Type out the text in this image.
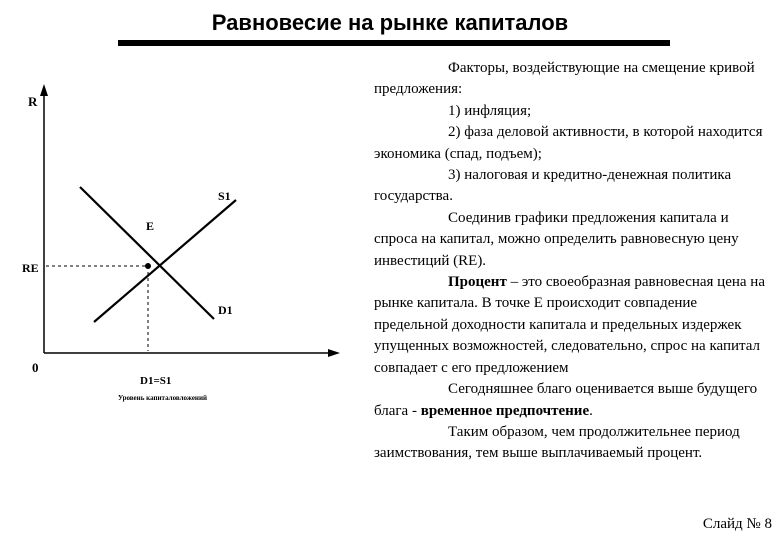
Равновесие на рынке капиталов
R
RE
E
S1
D1
0
D1=S1
Уровень капиталовложений

Факторы, воздействующие на смещение кривой предложения:

1) инфляция;

2) фаза деловой активности, в которой находится экономика (спад, подъем);

3) налоговая и кредитно-денежная политика государства.

Соединив графики предложения капитала и спроса на капитал, можно определить равновесную цену инвестиций (RE).

Процент – это своеобразная равновесная цена на рынке капитала. В точке Е происходит совпадение предельной доходности капитала и предельных издержек упущенных возможностей, следовательно, спрос на капитал совпадает с его предложением

Сегодняшнее благо оценивается выше будущего блага - временное предпочтение.

Таким образом, чем продолжительнее период заимствования, тем выше выплачиваемый процент.

Слайд № 8
